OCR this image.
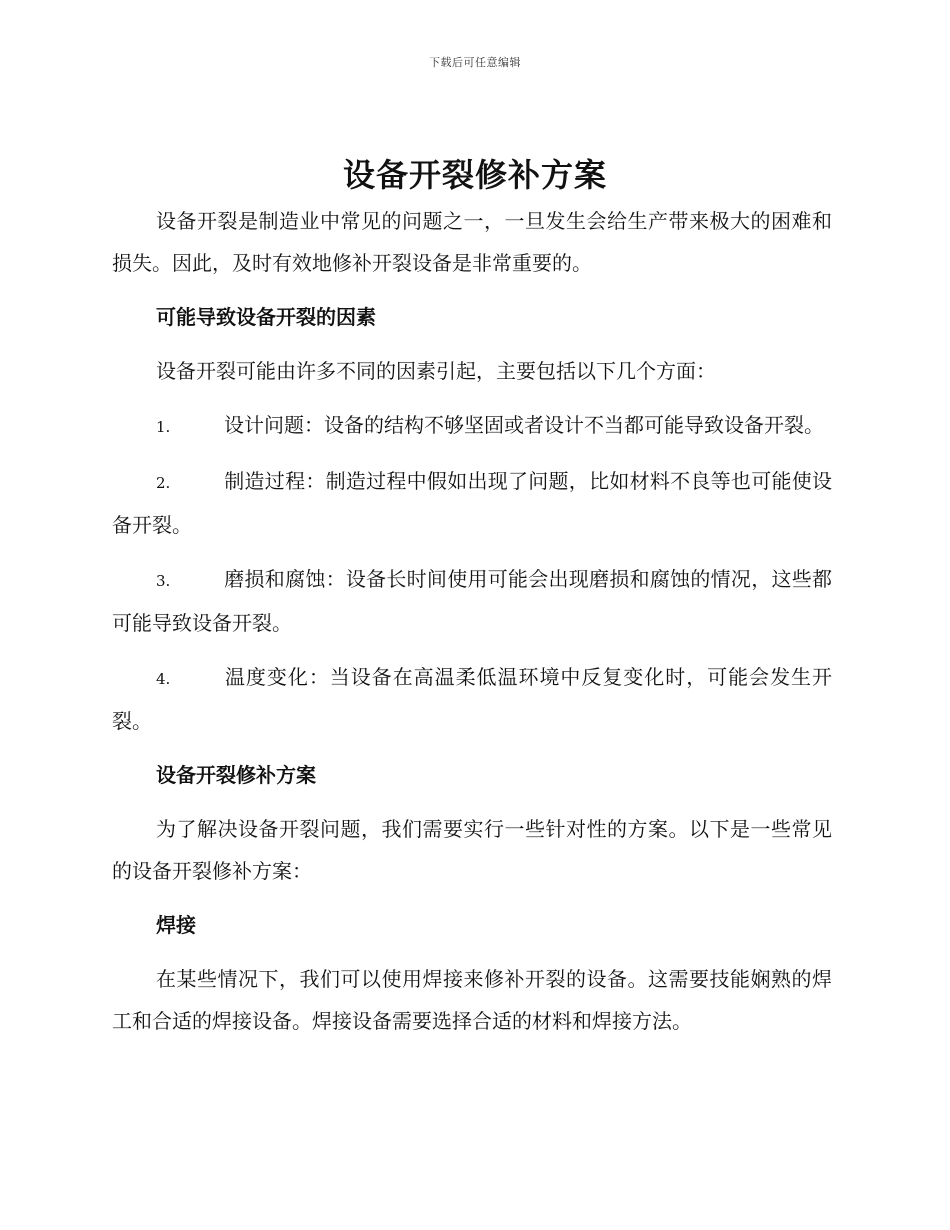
下载后可任意编辑
设备开裂修补方案

设备开裂是制造业中常见的问题之一，一旦发生会给生产带来极大的困难和损失。因此，及时有效地修补开裂设备是非常重要的。

可能导致设备开裂的因素

设备开裂可能由许多不同的因素引起，主要包括以下几个方面：

1.	设计问题：设备的结构不够坚固或者设计不当都可能导致设备开裂。

2.	制造过程：制造过程中假如出现了问题，比如材料不良等也可能使设备开裂。

3.	磨损和腐蚀：设备长时间使用可能会出现磨损和腐蚀的情况，这些都可能导致设备开裂。

4.	温度变化：当设备在高温柔低温环境中反复变化时，可能会发生开裂。

设备开裂修补方案

为了解决设备开裂问题，我们需要实行一些针对性的方案。以下是一些常见的设备开裂修补方案：

焊接

在某些情况下，我们可以使用焊接来修补开裂的设备。这需要技能娴熟的焊工和合适的焊接设备。焊接设备需要选择合适的材料和焊接方法。
